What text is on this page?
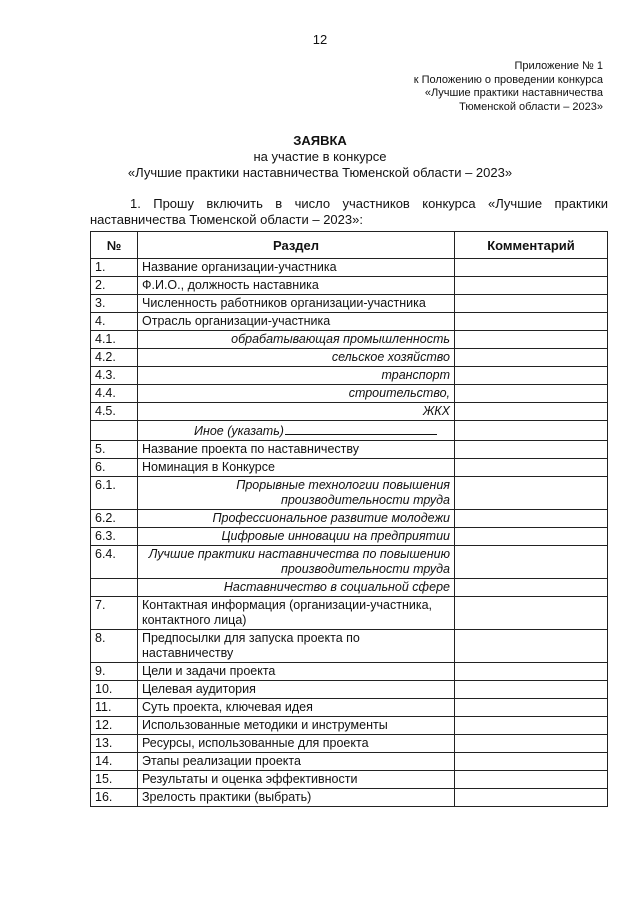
12
Приложение № 1
к Положению о проведении конкурса
«Лучшие практики наставничества
Тюменской области – 2023»
ЗАЯВКА
на участие в конкурсе
«Лучшие практики наставничества Тюменской области – 2023»
1. Прошу включить в число участников конкурса «Лучшие практики наставничества Тюменской области – 2023»:
№	Раздел	Комментарий
1.	Название организации-участника	
2.	Ф.И.О., должность наставника	
3.	Численность работников организации-участника	
4.	Отрасль организации-участника	
4.1.	обрабатывающая промышленность	
4.2.	сельское хозяйство	
4.3.	транспорт	
4.4.	строительство,	
4.5.	ЖКХ	
	Иное (указать)	
5.	Название проекта по наставничеству	
6.	Номинация в Конкурсе	
6.1.	Прорывные технологии повышения производительности труда	
6.2.	Профессиональное развитие молодежи	
6.3.	Цифровые инновации на предприятии	
6.4.	Лучшие практики наставничества по повышению производительности труда	
	Наставничество в социальной сфере	
7.	Контактная информация (организации-участника, контактного лица)	
8.	Предпосылки для запуска проекта по наставничеству	
9.	Цели и задачи проекта	
10.	Целевая аудитория	
11.	Суть проекта, ключевая идея	
12.	Использованные методики и инструменты	
13.	Ресурсы, использованные для проекта	
14.	Этапы реализации проекта	
15.	Результаты и оценка эффективности	
16.	Зрелость практики (выбрать)	
